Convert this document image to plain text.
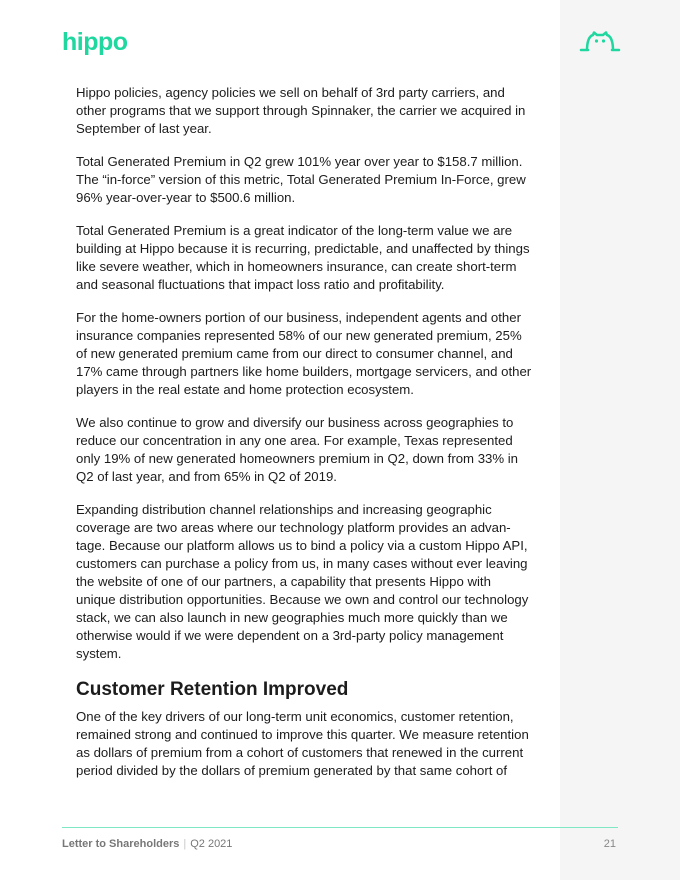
hippo

Hippo policies, agency policies we sell on behalf of 3rd party carriers, and other programs that we support through Spinnaker, the carrier we acquired in September of last year.

Total Generated Premium in Q2 grew 101% year over year to $158.7 million. The “in-force” version of this metric, Total Generated Premium In-Force, grew 96% year-over-year to $500.6 million.

Total Generated Premium is a great indicator of the long-term value we are building at Hippo because it is recurring, predictable, and unaffected by things like severe weather, which in homeowners insurance, can create short-term and seasonal fluctuations that impact loss ratio and profitability.

For the home-owners portion of our business, independent agents and other insurance companies represented 58% of our new generated premium, 25% of new generated premium came from our direct to consumer channel, and 17% came through partners like home builders, mortgage servicers, and other players in the real estate and home protection ecosystem.

We also continue to grow and diversify our business across geographies to reduce our concentration in any one area. For example, Texas represented only 19% of new generated homeowners premium in Q2, down from 33% in Q2 of last year, and from 65% in Q2 of 2019.

Expanding distribution channel relationships and increasing geographic coverage are two areas where our technology platform provides an advan-tage. Because our platform allows us to bind a policy via a custom Hippo API, customers can purchase a policy from us, in many cases without ever leaving the website of one of our partners, a capability that presents Hippo with unique distribution opportunities. Because we own and control our technology stack, we can also launch in new geographies much more quickly than we otherwise would if we were dependent on a 3rd-party policy management system.

Customer Retention Improved

One of the key drivers of our long-term unit economics, customer retention, remained strong and continued to improve this quarter. We measure retention as dollars of premium from a cohort of customers that renewed in the current period divided by the dollars of premium generated by that same cohort of

Letter to Shareholders | Q2 2021	21
